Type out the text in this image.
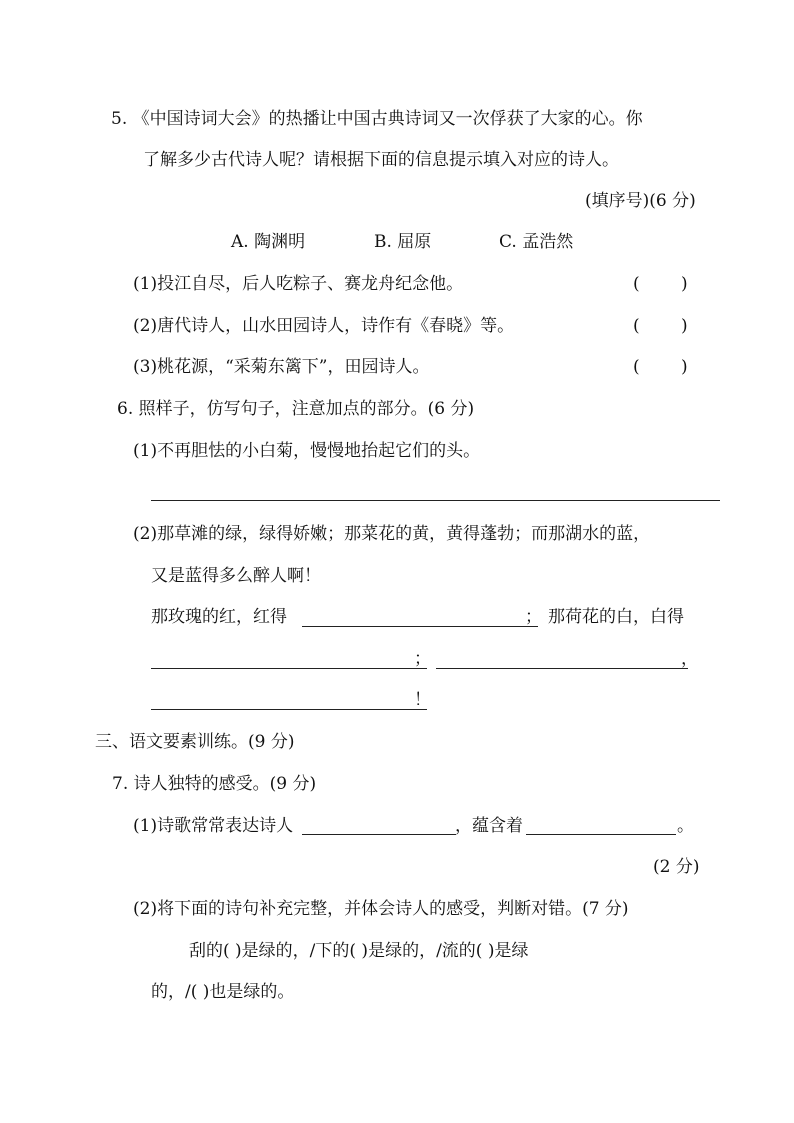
5. 《中国诗词大会》的热播让中国古典诗词又一次俘获了大家的心。你
了解多少古代诗人呢？请根据下面的信息提示填入对应的诗人。
(填序号)(6 分)
A. 陶渊明	B. 屈原	C. 孟浩然
(1)投江自尽，后人吃粽子、赛龙舟纪念他。	( )
(2)唐代诗人，山水田园诗人，诗作有《春晓》等。	( )
(3)桃花源，“采菊东篱下”，田园诗人。	( )
6. 照样子，仿写句子，注意加点的部分。(6 分)
(1)不再胆怯的小白菊，慢慢地抬起它们的头。
(2)那草滩的绿，绿得娇嫩；那菜花的黄，黄得蓬勃；而那湖水的蓝，
又是蓝得多么醉人啊！
那玫瑰的红，红得	； 那荷花的白，白得
；	，
！
三、语文要素训练。(9 分)
7. 诗人独特的感受。(9 分)
(1)诗歌常常表达诗人	，蕴含着	。
(2 分)
(2)将下面的诗句补充完整，并体会诗人的感受，判断对错。(7 分)
刮的( )是绿的，/下的( )是绿的，/流的( )是绿
的，/( )也是绿的。
